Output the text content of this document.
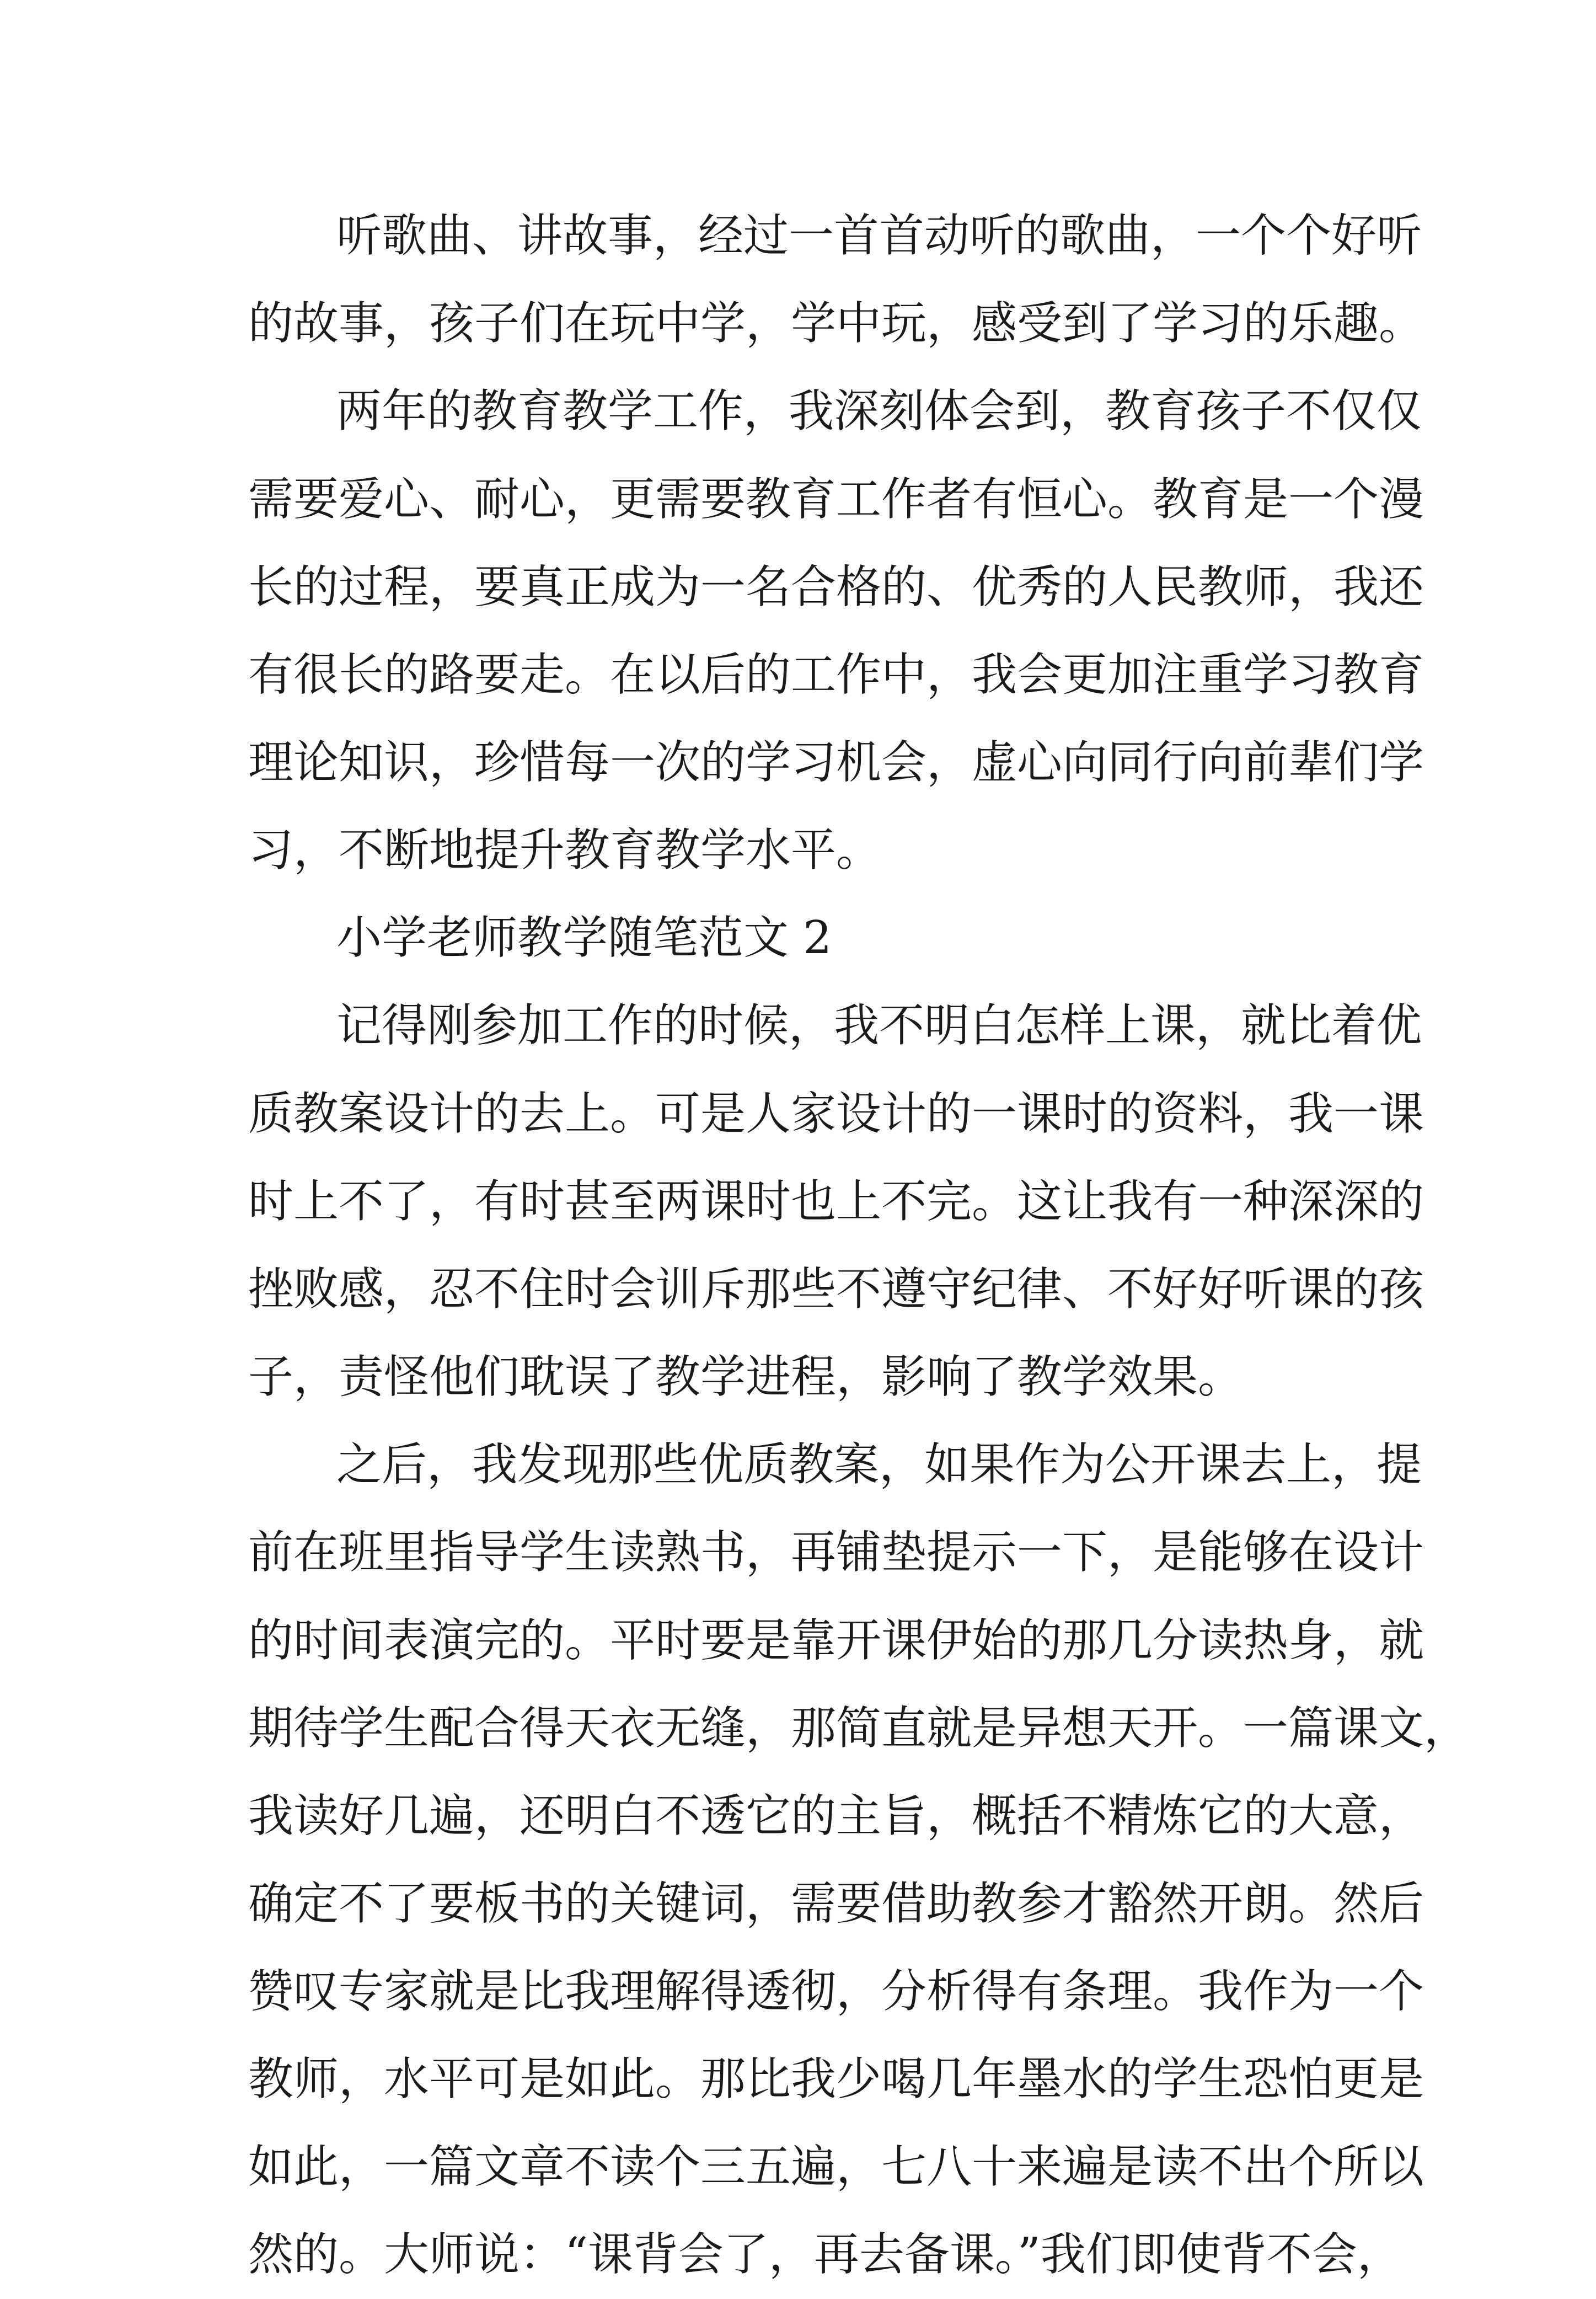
听歌曲、讲故事，经过一首首动听的歌曲，一个个好听
的故事，孩子们在玩中学，学中玩，感受到了学习的乐趣。
两年的教育教学工作，我深刻体会到，教育孩子不仅仅
需要爱心、耐心，更需要教育工作者有恒心。教育是一个漫
长的过程，要真正成为一名合格的、优秀的人民教师，我还
有很长的路要走。在以后的工作中，我会更加注重学习教育
理论知识，珍惜每一次的学习机会，虚心向同行向前辈们学
习，不断地提升教育教学水平。
小学老师教学随笔范文 2
记得刚参加工作的时候，我不明白怎样上课，就比着优
质教案设计的去上。可是人家设计的一课时的资料，我一课
时上不了，有时甚至两课时也上不完。这让我有一种深深的
挫败感，忍不住时会训斥那些不遵守纪律、不好好听课的孩
子，责怪他们耽误了教学进程，影响了教学效果。
之后，我发现那些优质教案，如果作为公开课去上，提
前在班里指导学生读熟书，再铺垫提示一下，是能够在设计
的时间表演完的。平时要是靠开课伊始的那几分读热身，就
期待学生配合得天衣无缝，那简直就是异想天开。一篇课文，
我读好几遍，还明白不透它的主旨，概括不精炼它的大意，
确定不了要板书的关键词，需要借助教参才豁然开朗。然后
赞叹专家就是比我理解得透彻，分析得有条理。我作为一个
教师，水平可是如此。那比我少喝几年墨水的学生恐怕更是
如此，一篇文章不读个三五遍，七八十来遍是读不出个所以
然的。大师说：“课背会了，再去备课。”我们即使背不会，
